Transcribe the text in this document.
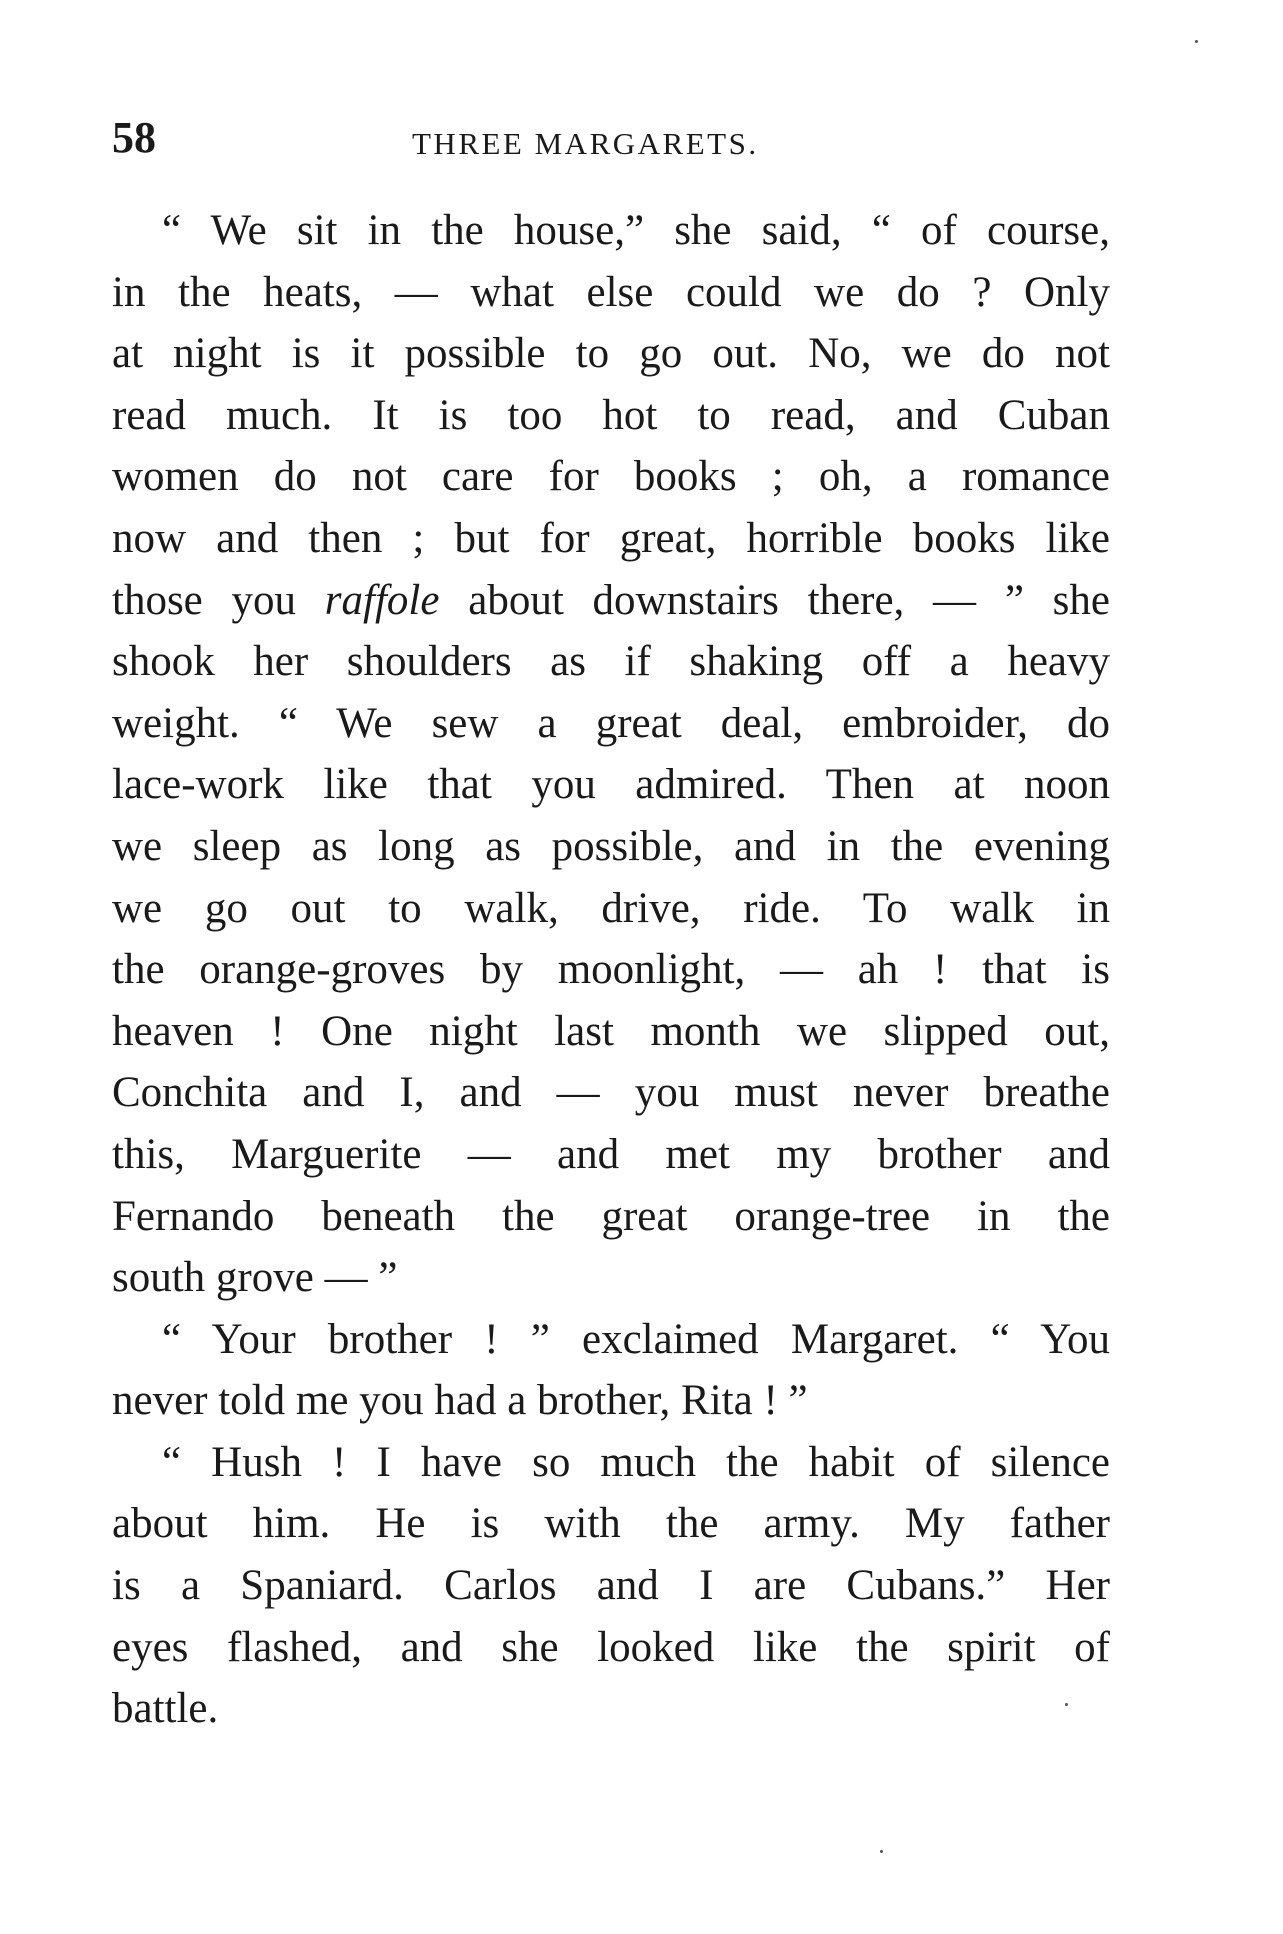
58	THREE MARGARETS.
“ We sit in the house,” she said, “ of course,
in the heats, — what else could we do ? Only
at night is it possible to go out. No, we do not
read much. It is too hot to read, and Cuban
women do not care for books ; oh, a romance
now and then ; but for great, horrible books like
those you raffole about downstairs there, — ” she
shook her shoulders as if shaking off a heavy
weight. “ We sew a great deal, embroider, do
lace-work like that you admired. Then at noon
we sleep as long as possible, and in the evening
we go out to walk, drive, ride. To walk in
the orange-groves by moonlight, — ah ! that is
heaven ! One night last month we slipped out,
Conchita and I, and — you must never breathe
this, Marguerite — and met my brother and
Fernando beneath the great orange-tree in the
south grove — ”
“ Your brother ! ” exclaimed Margaret. “ You
never told me you had a brother, Rita ! ”
“ Hush ! I have so much the habit of silence
about him. He is with the army. My father
is a Spaniard. Carlos and I are Cubans.” Her
eyes flashed, and she looked like the spirit of
battle.
